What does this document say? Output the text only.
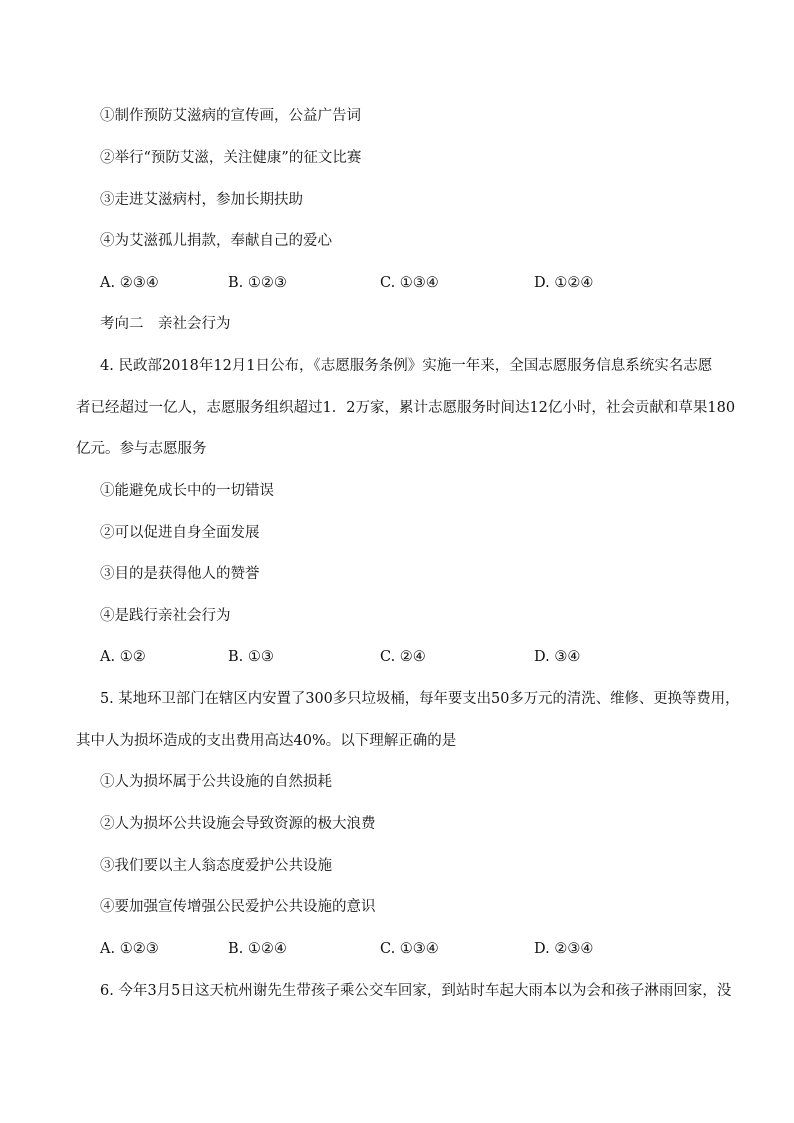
①制作预防艾滋病的宣传画，公益广告词
②举行“预防艾滋，关注健康”的征文比赛
③走进艾滋病村，参加长期扶助
④为艾滋孤儿捐款，奉献自己的爱心
A. ②③④	B. ①②③	C. ①③④	D. ①②④
考向二　亲社会行为
4. 民政部2018年12月1日公布，《志愿服务条例》实施一年来，全国志愿服务信息系统实名志愿
者已经超过一亿人，志愿服务组织超过1．2万家，累计志愿服务时间达12亿小时，社会贡献和草果180
亿元。参与志愿服务
①能避免成长中的一切错误
②可以促进自身全面发展
③目的是获得他人的赞誉
④是践行亲社会行为
A. ①②	B. ①③	C. ②④	D. ③④
5. 某地环卫部门在辖区内安置了300多只垃圾桶，每年要支出50多万元的清洗、维修、更换等费用，
其中人为损坏造成的支出费用高达40%。以下理解正确的是
①人为损坏属于公共设施的自然损耗
②人为损坏公共设施会导致资源的极大浪费
③我们要以主人翁态度爱护公共设施
④要加强宣传增强公民爱护公共设施的意识
A. ①②③	B. ①②④	C. ①③④	D. ②③④
6. 今年3月5日这天杭州谢先生带孩子乘公交车回家，到站时车起大雨本以为会和孩子淋雨回家，没
